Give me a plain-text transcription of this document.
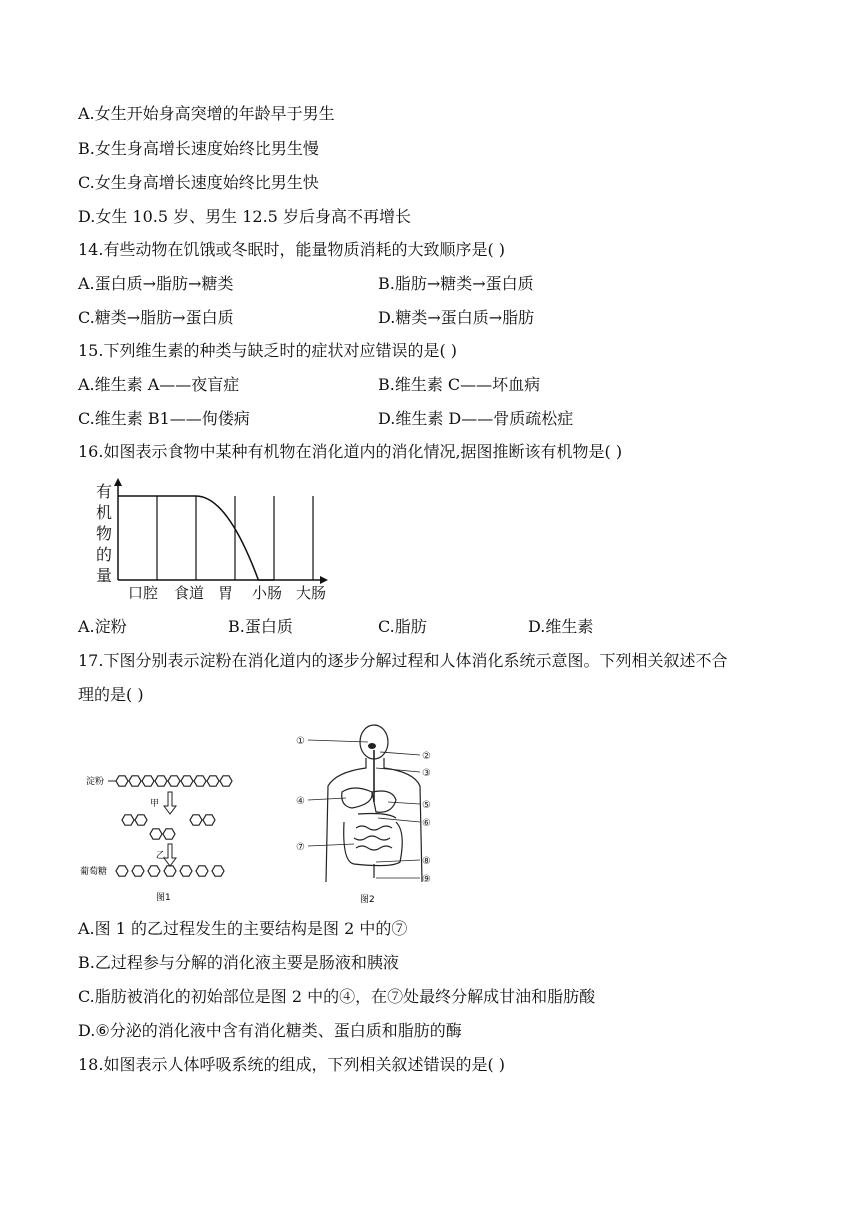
A.女生开始身高突增的年龄早于男生
B.女生身高增长速度始终比男生慢
C.女生身高增长速度始终比男生快
D.女生 10.5 岁、男生 12.5 岁后身高不再增长
14.有些动物在饥饿或冬眠时，能量物质消耗的大致顺序是( )
A.蛋白质→脂肪→糖类	B.脂肪→糖类→蛋白质
C.糖类→脂肪→蛋白质	D.糖类→蛋白质→脂肪
15.下列维生素的种类与缺乏时的症状对应错误的是( )
A.维生素 A——夜盲症	B.维生素 C——坏血病
C.维生素 B1——佝偻病	D.维生素 D——骨质疏松症
16.如图表示食物中某种有机物在消化道内的消化情况,据图推断该有机物是( )
有
机
物
的
量
口腔 食道 胃 小肠 大肠
A.淀粉	B.蛋白质	C.脂肪	D.维生素
17.下图分别表示淀粉在消化道内的逐步分解过程和人体消化系统示意图。下列相关叙述不合
理的是( )
淀粉
甲
乙
葡萄糖
图1
①
②
③
④	⑤
⑥
⑦
⑧
⑨
图2
A.图 1 的乙过程发生的主要结构是图 2 中的⑦
B.乙过程参与分解的消化液主要是肠液和胰液
C.脂肪被消化的初始部位是图 2 中的④，在⑦处最终分解成甘油和脂肪酸
D.⑥分泌的消化液中含有消化糖类、蛋白质和脂肪的酶
18.如图表示人体呼吸系统的组成，下列相关叙述错误的是( )
